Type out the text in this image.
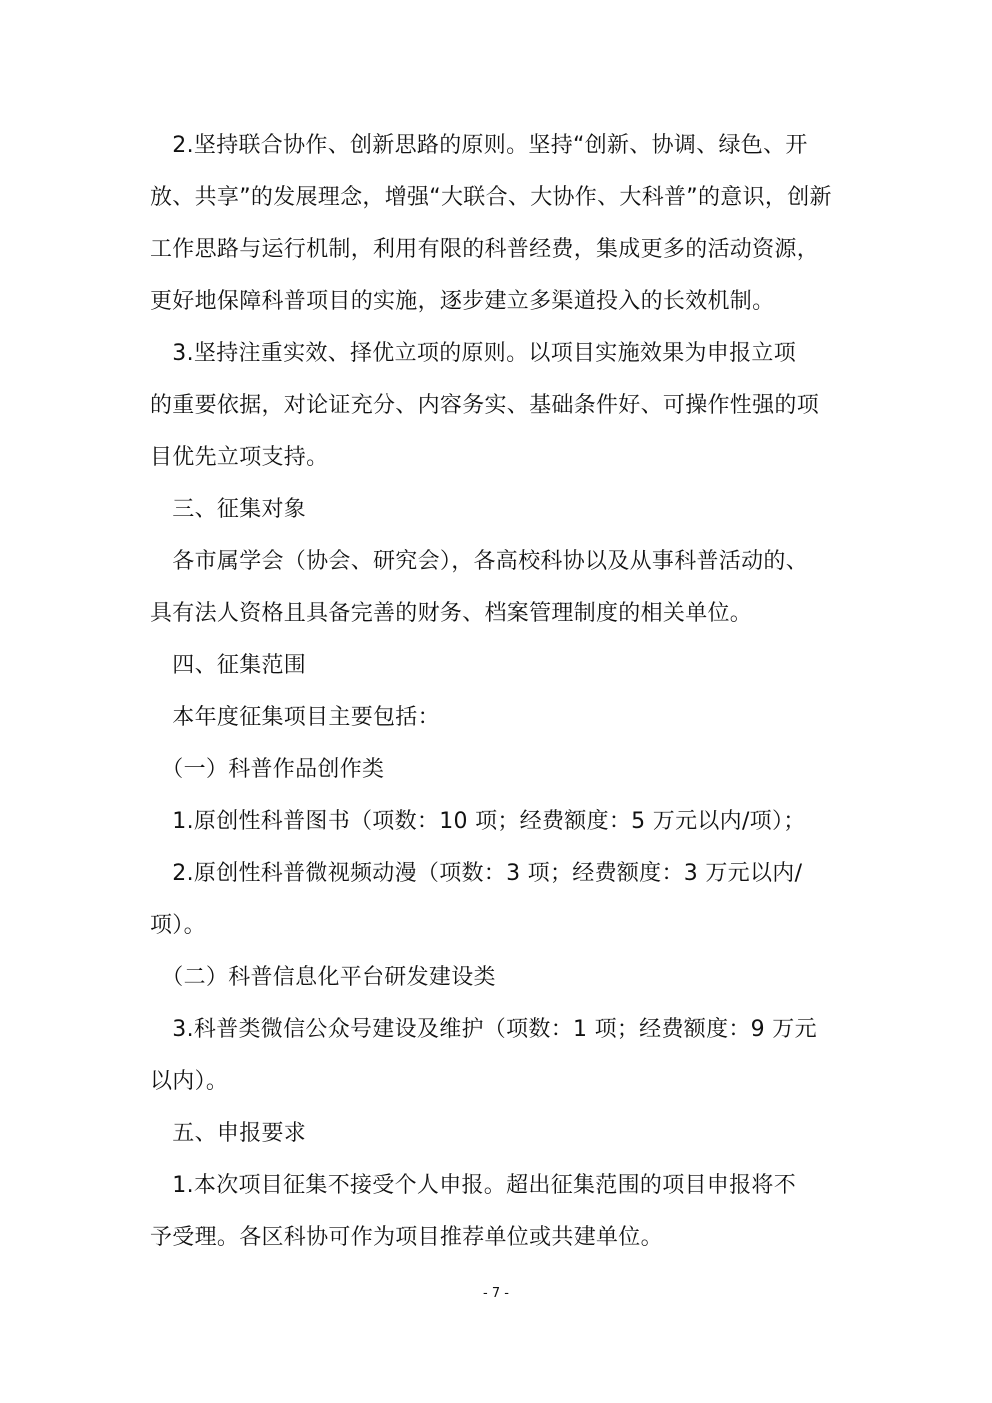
　2.坚持联合协作、创新思路的原则。坚持“创新、协调、绿色、开
放、共享”的发展理念，增强“大联合、大协作、大科普”的意识，创新
工作思路与运行机制，利用有限的科普经费，集成更多的活动资源，
更好地保障科普项目的实施，逐步建立多渠道投入的长效机制。
　3.坚持注重实效、择优立项的原则。以项目实施效果为申报立项
的重要依据，对论证充分、内容务实、基础条件好、可操作性强的项
目优先立项支持。
　三、征集对象
　各市属学会（协会、研究会），各高校科协以及从事科普活动的、
具有法人资格且具备完善的财务、档案管理制度的相关单位。
　四、征集范围
　本年度征集项目主要包括：
　（一）科普作品创作类
　1.原创性科普图书（项数：10 项；经费额度：5 万元以内/项）；
　2.原创性科普微视频动漫（项数：3 项；经费额度：3 万元以内/
项）。
　（二）科普信息化平台研发建设类
　3.科普类微信公众号建设及维护（项数：1 项；经费额度：9 万元
以内）。
　五、申报要求
　1.本次项目征集不接受个人申报。超出征集范围的项目申报将不
予受理。各区科协可作为项目推荐单位或共建单位。
- 7 -
